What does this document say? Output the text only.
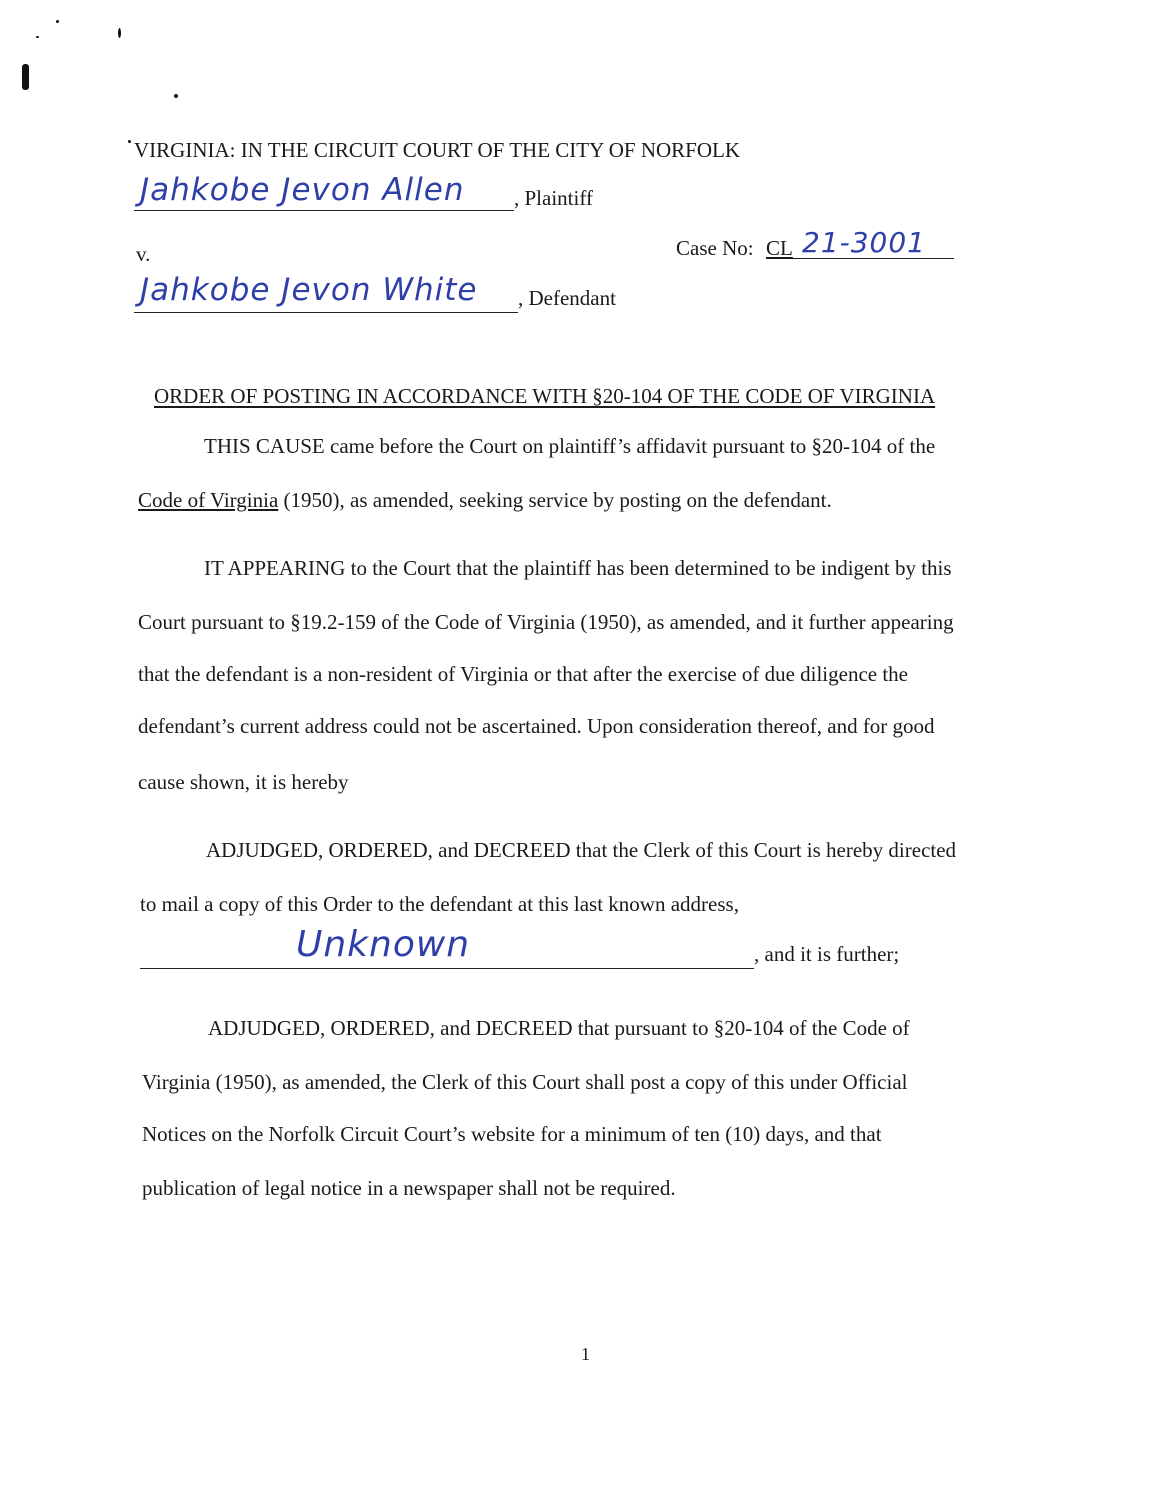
VIRGINIA: IN THE CIRCUIT COURT OF THE CITY OF NORFOLK
Jahkobe Jevon Allen , Plaintiff
v.	Case No: CL 21-3001
Jahkobe Jevon White , Defendant
ORDER OF POSTING IN ACCORDANCE WITH §20-104 OF THE CODE OF VIRGINIA
THIS CAUSE came before the Court on plaintiff’s affidavit pursuant to §20-104 of the
Code of Virginia (1950), as amended, seeking service by posting on the defendant.
IT APPEARING to the Court that the plaintiff has been determined to be indigent by this
Court pursuant to §19.2-159 of the Code of Virginia (1950), as amended, and it further appearing
that the defendant is a non-resident of Virginia or that after the exercise of due diligence the
defendant’s current address could not be ascertained. Upon consideration thereof, and for good
cause shown, it is hereby
ADJUDGED, ORDERED, and DECREED that the Clerk of this Court is hereby directed
to mail a copy of this Order to the defendant at this last known address,
Unknown	, and it is further;
ADJUDGED, ORDERED, and DECREED that pursuant to §20-104 of the Code of
Virginia (1950), as amended, the Clerk of this Court shall post a copy of this under Official
Notices on the Norfolk Circuit Court’s website for a minimum of ten (10) days, and that
publication of legal notice in a newspaper shall not be required.
1
